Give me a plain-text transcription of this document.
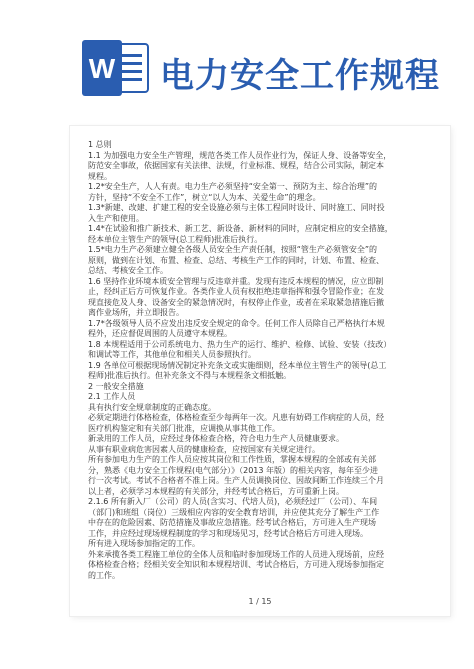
W 电力安全工作规程
1 总则
1.1 为加强电力安全生产管理，规范各类工作人员作业行为，保证人身、设备等安全，
防范安全事故，依据国家有关法律、法规，行业标准、规程，结合公司实际，制定本
规程。
1.2*安全生产，人人有责。电力生产必须坚持“安全第一、预防为主、综合治理”的
方针，坚持“不安全不工作”，树立“以人为本、关爱生命”的理念。
1.3*新建、改建、扩建工程的安全设施必须与主体工程同时设计、同时施工、同时投
入生产和使用。
1.4*在试验和推广新技术、新工艺、新设备、新材料的同时，应制定相应的安全措施，
经本单位主管生产的领导(总工程师)批准后执行。
1.5*电力生产必须建立健全各级人员安全生产责任制，按照“管生产必须管安全”的
原则，做到在计划、布置、检查、总结、考核生产工作的同时，计划、布置、检查、
总结、考核安全工作。
1.6 坚持作业环境本质安全管理与反违章并重。发现有违反本规程的情况，应立即制
止，经纠正后方可恢复作业。各类作业人员有权拒绝违章指挥和强令冒险作业；在发
现直接危及人身、设备安全的紧急情况时，有权停止作业，或者在采取紧急措施后撤
离作业场所，并立即报告。
1.7*各级领导人员不应发出违反安全规定的命令。任何工作人员除自己严格执行本规
程外，还应督促周围的人员遵守本规程。
1.8 本规程适用于公司系统电力、热力生产的运行、维护、检修、试验、安装（技改）
和调试等工作，其他单位和相关人员参照执行。
1.9 各单位可根据现场情况制定补充条文或实施细则，经本单位主管生产的领导(总工
程师)批准后执行。但补充条文不得与本规程条文相抵触。
2 一般安全措施
2.1 工作人员
具有执行安全规章制度的正确态度。
必须定期进行体格检查，体格检查至少每两年一次。凡患有妨碍工作病症的人员，经
医疗机构鉴定和有关部门批准，应调换从事其他工作。
新录用的工作人员，应经过身体检查合格，符合电力生产人员健康要求。
从事有职业病危害因素人员的健康检查，应按国家有关规定进行。
所有参加电力生产的工作人员应按其岗位和工作性质，掌握本规程的全部或有关部
分，熟悉《电力安全工作规程(电气部分）》（2013 年版）的相关内容，每年至少进
行一次考试。考试不合格者不准上岗。生产人员调换岗位、因故间断工作连续三个月
以上者，必须学习本规程的有关部分，并经考试合格后，方可重新上岗。
2.1.6 所有新入厂（公司）的人员(含实习、代培人员)，必须经过厂（公司）、车间
（部门)和班组（岗位）三级相应内容的安全教育培训，并应使其充分了解生产工作
中存在的危险因素、防范措施及事故应急措施。经考试合格后，方可进入生产现场
工作，并应经过现场规程制度的学习和现场见习，经考试合格后方可进入现场。
所有进入现场参加指定的工作。
外来承揽各类工程施工单位的全体人员和临时参加现场工作的人员进入现场前，应经
体格检查合格；经相关安全知识和本规程培训、考试合格后，方可进入现场参加指定
的工作。
1 / 15
